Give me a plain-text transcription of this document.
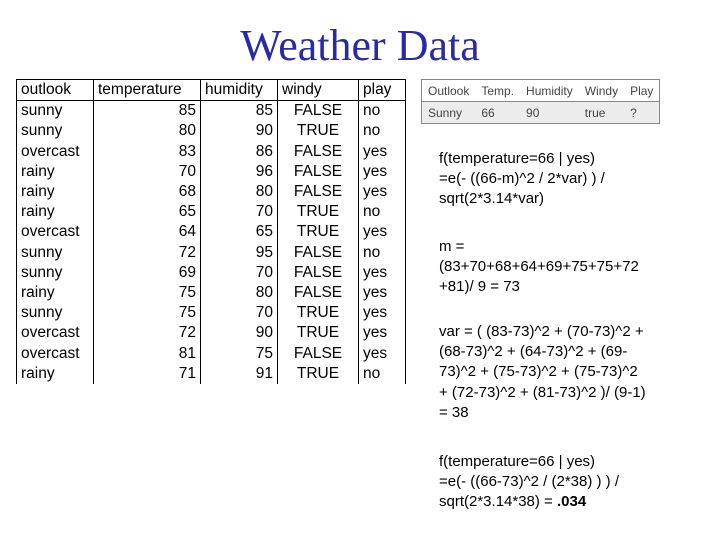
Weather Data
outlook	temperature	humidity	windy	play
sunny	85	85	FALSE	no
sunny	80	90	TRUE	no
overcast	83	86	FALSE	yes
rainy	70	96	FALSE	yes
rainy	68	80	FALSE	yes
rainy	65	70	TRUE	no
overcast	64	65	TRUE	yes
sunny	72	95	FALSE	no
sunny	69	70	FALSE	yes
rainy	75	80	FALSE	yes
sunny	75	70	TRUE	yes
overcast	72	90	TRUE	yes
overcast	81	75	FALSE	yes
rainy	71	91	TRUE	no
Outlook	Temp.	Humidity	Windy	Play
Sunny	66	90	true	?
f(temperature=66 | yes)
=e(- ((66-m)^2 / 2*var) ) /
sqrt(2*3.14*var)
m =
(83+70+68+64+69+75+75+72
+81)/ 9 = 73
var = ( (83-73)^2 + (70-73)^2 +
(68-73)^2 + (64-73)^2 + (69-
73)^2 + (75-73)^2 + (75-73)^2
+ (72-73)^2 + (81-73)^2 )/ (9-1)
= 38
f(temperature=66 | yes)
=e(- ((66-73)^2 / (2*38) ) ) /
sqrt(2*3.14*38) = .034
